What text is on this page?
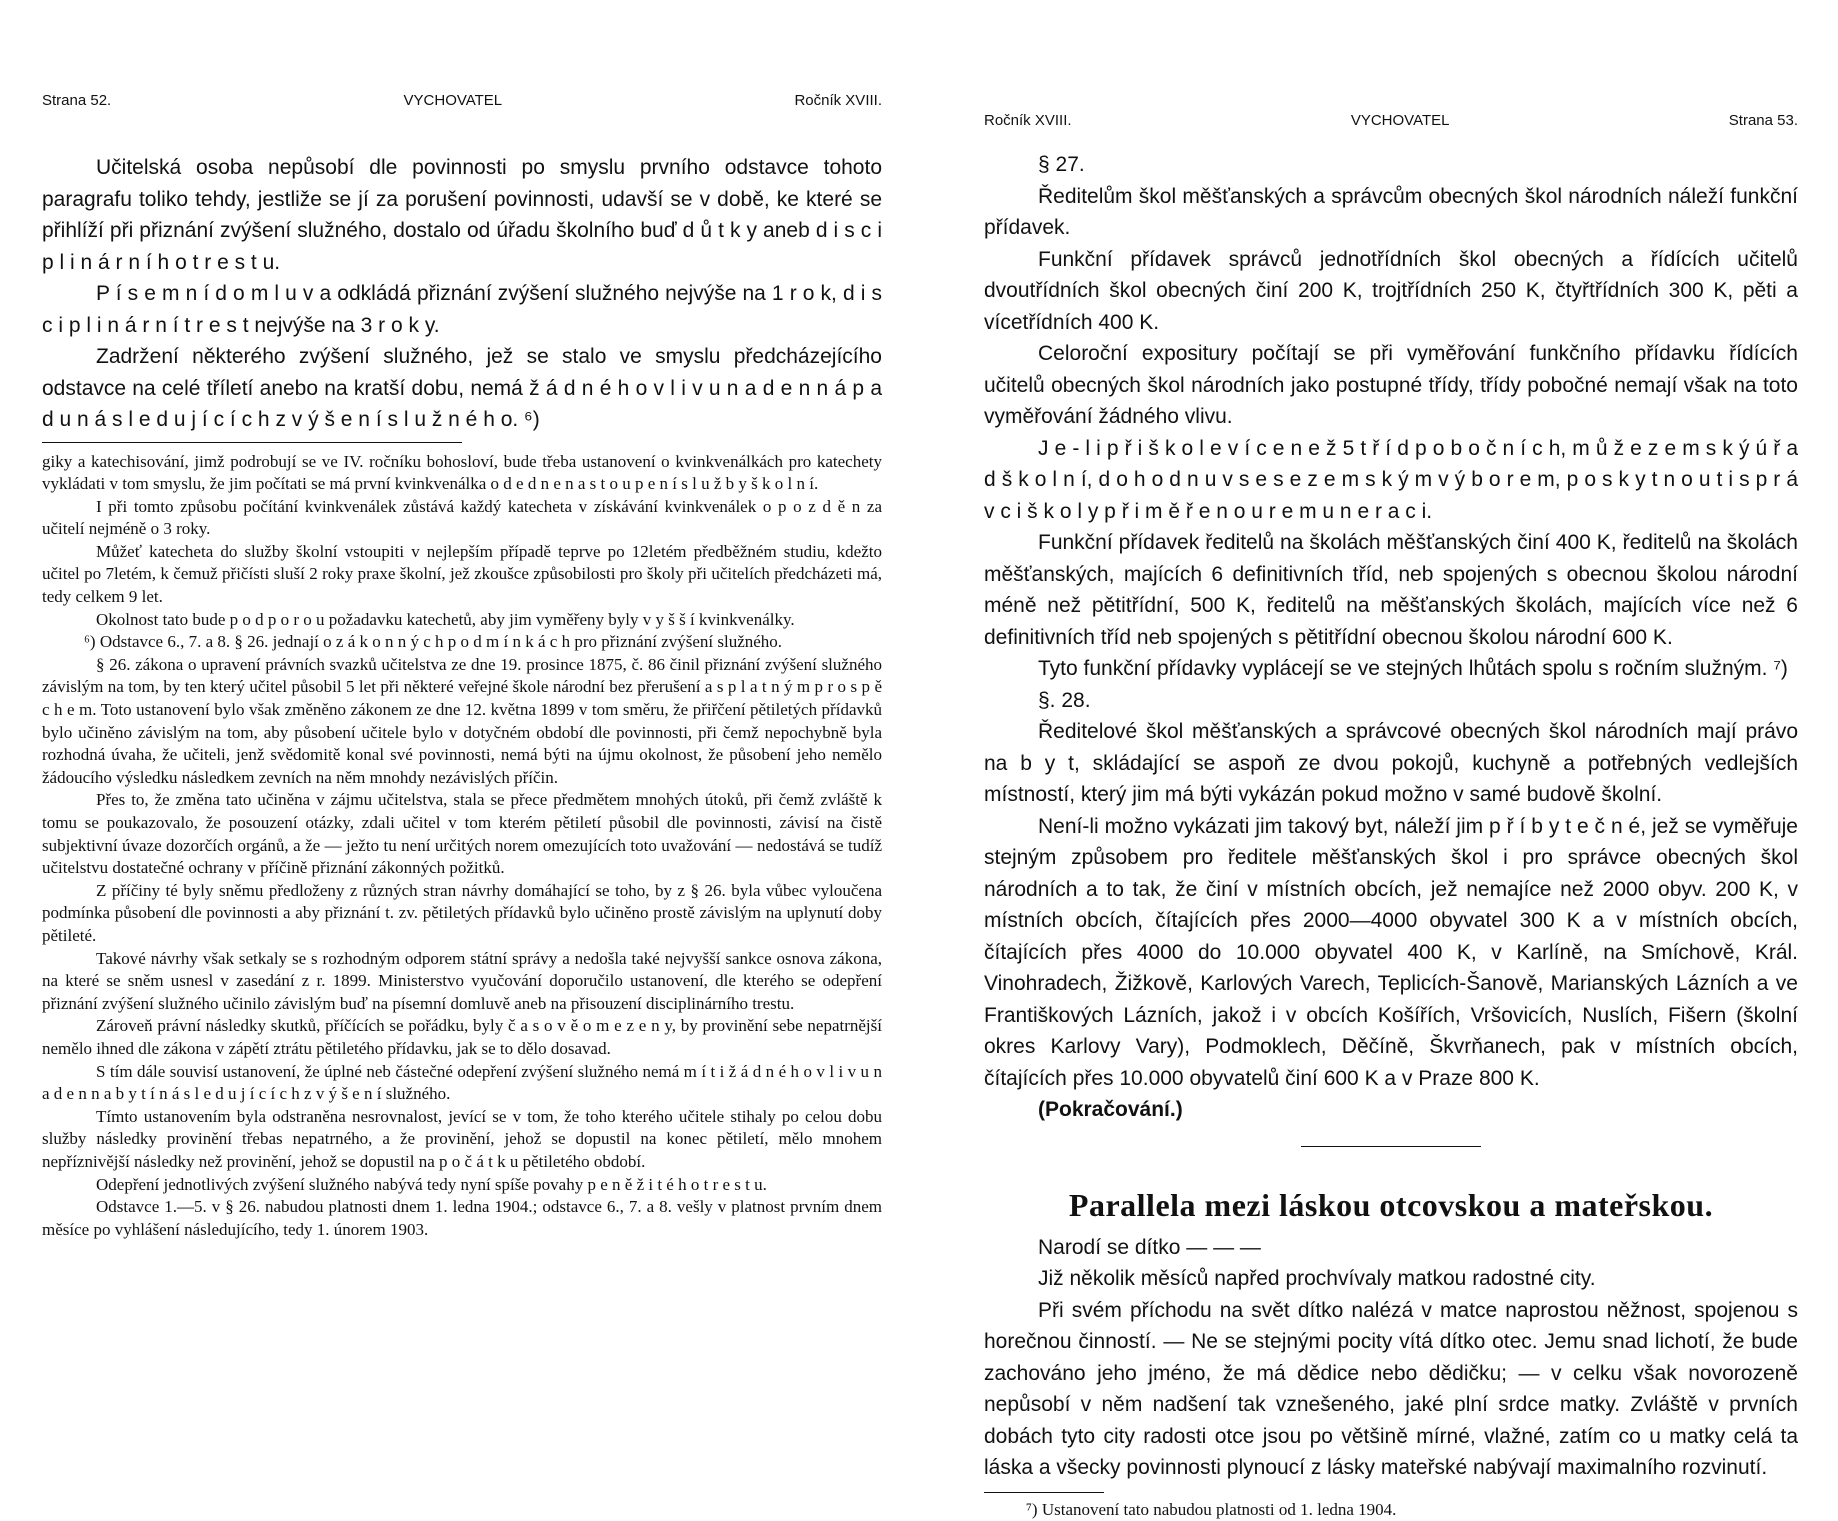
Strana 52.	VYCHOVATEL	Ročník XVIII.

Učitelská osoba nepůsobí dle povinnosti po smyslu prvního odstavce tohoto paragrafu toliko tehdy, jestliže se jí za porušení povinnosti, udavší se v době, ke které se přihlíží při přiznání zvýšení služného, dostalo od úřadu školního buď d ů t k y aneb d i s c i p l i n á r n í h o t r e s t u.

P í s e m n í d o m l u v a odkládá přiznání zvýšení služného nejvýše na 1 r o k, d i s c i p l i n á r n í t r e s t nejvýše na 3 r o k y.

Zadržení některého zvýšení služného, jež se stalo ve smyslu předcházejícího odstavce na celé tříletí anebo na kratší dobu, nemá ž á d n é h o v l i v u n a d e n n á p a d u n á s l e d u j í c í c h z v ý š e n í s l u ž n é h o. ⁶)

giky a katechisování, jimž podrobují se ve IV. ročníku bohosloví, bude třeba ustanovení o kvinkvenálkách pro katechety vykládati v tom smyslu, že jim počítati se má první kvinkvenálka o d e d n e n a s t o u p e n í s l u ž b y š k o l n í.

I při tomto způsobu počítání kvinkvenálek zůstává každý katecheta v získávání kvinkvenálek o p o z d ě n za učitelí nejméně o 3 roky.

Můžeť katecheta do služby školní vstoupiti v nejlepším případě teprve po 12letém předběžném studiu, kdežto učitel po 7letém, k čemuž přičísti sluší 2 roky praxe školní, jež zkoušce způsobilosti pro školy při učitelích předcházeti má, tedy celkem 9 let.

Okolnost tato bude p o d p o r o u požadavku katechetů, aby jim vyměřeny byly v y š š í kvinkvenálky.

⁶) Odstavce 6., 7. a 8. § 26. jednají o z á k o n n ý c h p o d m í n k á c h pro přiznání zvýšení služného.

§ 26. zákona o upravení právních svazků učitelstva ze dne 19. prosince 1875, č. 86 činil přiznání zvýšení služného závislým na tom, by ten který učitel působil 5 let při některé veřejné škole národní bez přerušení a s p l a t n ý m p r o s p ě c h e m. Toto ustanovení bylo však změněno zákonem ze dne 12. května 1899 v tom směru, že přiřčení pětiletých přídavků bylo učiněno závislým na tom, aby působení učitele bylo v dotyčném období dle povinnosti, při čemž nepochybně byla rozhodná úvaha, že učiteli, jenž svědomitě konal své povinnosti, nemá býti na újmu okolnost, že působení jeho nemělo žádoucího výsledku následkem zevních na něm mnohdy nezávislých příčin.

Přes to, že změna tato učiněna v zájmu učitelstva, stala se přece předmětem mnohých útoků, při čemž zvláště k tomu se poukazovalo, že posouzení otázky, zdali učitel v tom kterém pětiletí působil dle povinnosti, závisí na čistě subjektivní úvaze dozorčích orgánů, a že — ježto tu není určitých norem omezujících toto uvažování — nedostává se tudíž učitelstvu dostatečné ochrany v příčině přiznání zákonných požitků.

Z příčiny té byly sněmu předloženy z různých stran návrhy domáhající se toho, by z § 26. byla vůbec vyloučena podmínka působení dle povinnosti a aby přiznání t. zv. pětiletých přídavků bylo učiněno prostě závislým na uplynutí doby pětileté.

Takové návrhy však setkaly se s rozhodným odporem státní správy a nedošla také nejvyšší sankce osnova zákona, na které se sněm usnesl v zasedání z r. 1899. Ministerstvo vyučování doporučilo ustanovení, dle kterého se odepření přiznání zvýšení služného učinilo závislým buď na písemní domluvě aneb na přisouzení disciplinárního trestu.

Zároveň právní následky skutků, příčících se pořádku, byly č a s o v ě o m e z e n y, by provinění sebe nepatrnější nemělo ihned dle zákona v zápětí ztrátu pětiletého přídavku, jak se to dělo dosavad.

S tím dále souvisí ustanovení, že úplné neb částečné odepření zvýšení služného nemá m í t i ž á d n é h o v l i v u n a d e n n a b y t í n á s l e d u j í c í c h z v ý š e n í služného.

Tímto ustanovením byla odstraněna nesrovnalost, jevící se v tom, že toho kterého učitele stihaly po celou dobu služby následky provinění třebas nepatrného, a že provinění, jehož se dopustil na konec pětiletí, mělo mnohem nepříznivější následky než provinění, jehož se dopustil na p o č á t k u pětiletého období.

Odepření jednotlivých zvýšení služného nabývá tedy nyní spíše povahy p e n ě ž i t é h o t r e s t u.

Odstavce 1.—5. v § 26. nabudou platnosti dnem 1. ledna 1904.; odstavce 6., 7. a 8. vešly v platnost prvním dnem měsíce po vyhlášení následujícího, tedy 1. únorem 1903.

Ročník XVIII.	VYCHOVATEL	Strana 53.

§ 27.

Ředitelům škol měšťanských a správcům obecných škol národních náleží funkční přídavek.

Funkční přídavek správců jednotřídních škol obecných a řídících učitelů dvoutřídních škol obecných činí 200 K, trojtřídních 250 K, čtyřtřídních 300 K, pěti a vícetřídních 400 K.

Celoroční expositury počítají se při vyměřování funkčního přídavku řídících učitelů obecných škol národních jako postupné třídy, třídy pobočné nemají však na toto vyměřování žádného vlivu.

J e - l i p ř i š k o l e v í c e n e ž 5 t ř í d p o b o č n í c h, m ů ž e z e m s k ý ú ř a d š k o l n í, d o h o d n u v s e s e z e m s k ý m v ý b o r e m, p o s k y t n o u t i s p r á v c i š k o l y p ř i m ě ř e n o u r e m u n e r a c i.

Funkční přídavek ředitelů na školách měšťanských činí 400 K, ředitelů na školách měšťanských, majících 6 definitivních tříd, neb spojených s obecnou školou národní méně než pětitřídní, 500 K, ředitelů na měšťanských školách, majících více než 6 definitivních tříd neb spojených s pětitřídní obecnou školou národní 600 K.

Tyto funkční přídavky vyplácejí se ve stejných lhůtách spolu s ročním služným. ⁷)

§. 28.

Ředitelové škol měšťanských a správcové obecných škol národních mají právo na b y t, skládající se aspoň ze dvou pokojů, kuchyně a potřebných vedlejších místností, který jim má býti vykázán pokud možno v samé budově školní.

Není-li možno vykázati jim takový byt, náleží jim p ř í b y t e č n é, jež se vyměřuje stejným způsobem pro ředitele měšťanských škol i pro správce obecných škol národních a to tak, že činí v místních obcích, jež nemajíce než 2000 obyv. 200 K, v místních obcích, čítajících přes 2000—4000 obyvatel 300 K a v místních obcích, čítajících přes 4000 do 10.000 obyvatel 400 K, v Karlíně, na Smíchově, Král. Vinohradech, Žižkově, Karlových Varech, Teplicích-Šanově, Marianských Lázních a ve Františkových Lázních, jakož i v obcích Košířích, Vršovicích, Nuslích, Fišern (školní okres Karlovy Vary), Podmoklech, Děčíně, Škvrňanech, pak v místních obcích, čítajících přes 10.000 obyvatelů činí 600 K a v Praze 800 K.

(Pokračování.)

Parallela mezi láskou otcovskou a mateřskou.

Narodí se dítko — — —

Již několik měsíců napřed prochvívaly matkou radostné city.

Při svém příchodu na svět dítko nalézá v matce naprostou něžnost, spojenou s horečnou činností. — Ne se stejnými pocity vítá dítko otec. Jemu snad lichotí, že bude zachováno jeho jméno, že má dědice nebo dědičku; — v celku však novorozeně nepůsobí v něm nadšení tak vznešeného, jaké plní srdce matky. Zvláště v prvních dobách tyto city radosti otce jsou po většině mírné, vlažné, zatím co u matky celá ta láska a všecky povinnosti plynoucí z lásky mateřské nabývají maximalního rozvinutí.

⁷) Ustanovení tato nabudou platnosti od 1. ledna 1904.
